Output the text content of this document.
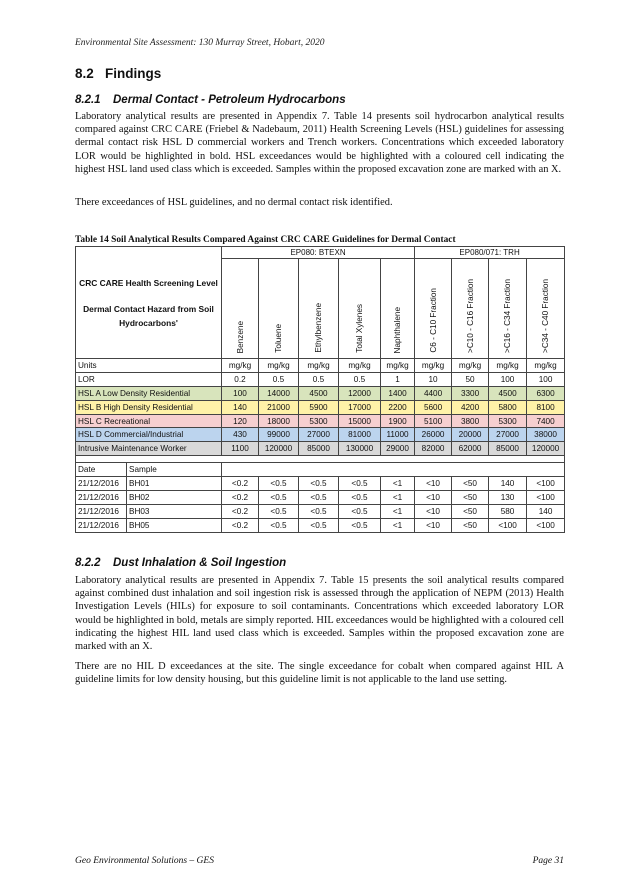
Environmental Site Assessment: 130 Murray Street, Hobart, 2020
8.2 Findings
8.2.1 Dermal Contact - Petroleum Hydrocarbons

Laboratory analytical results are presented in Appendix 7. Table 14 presents soil hydrocarbon analytical results compared against CRC CARE (Friebel & Nadebaum, 2011) Health Screening Levels (HSL) guidelines for assessing dermal contact risk HSL D commercial workers and Trench workers. Concentrations which exceeded laboratory LOR would be highlighted in bold. HSL exceedances would be highlighted with a coloured cell indicating the highest HSL land used class which is exceeded. Samples within the proposed excavation zone are marked with an X.

There exceedances of HSL guidelines, and no dermal contact risk identified.

Table 14 Soil Analytical Results Compared Against CRC CARE Guidelines for Dermal Contact
CRC CARE Health Screening Level
Dermal Contact Hazard from Soil Hydrocarbons'		EP080: BTEXN					EP080/071: TRH			
		Benzene	Toluene	Ethylbenzene	Total Xylenes	Naphthalene	C6 - C10 Fraction	>C10 - C16 Fraction	>C16 - C34 Fraction	>C34 - C40 Fraction
Units		mg/kg	mg/kg	mg/kg	mg/kg	mg/kg	mg/kg	mg/kg	mg/kg	mg/kg
LOR		0.2	0.5	0.5	0.5	1	10	50	100	100
HSL A Low Density Residential		100	14000	4500	12000	1400	4400	3300	4500	6300
HSL B High Density Residential		140	21000	5900	17000	2200	5600	4200	5800	8100
HSL C Recreational		120	18000	5300	15000	1900	5100	3800	5300	7400
HSL D Commercial/Industrial		430	99000	27000	81000	11000	26000	20000	27000	38000
Intrusive Maintenance Worker		1100	120000	85000	130000	29000	82000	62000	85000	120000

Date	Sample									
21/12/2016	BH01	<0.2	<0.5	<0.5	<0.5	<1	<10	<50	140	<100
21/12/2016	BH02	<0.2	<0.5	<0.5	<0.5	<1	<10	<50	130	<100
21/12/2016	BH03	<0.2	<0.5	<0.5	<0.5	<1	<10	<50	580	140
21/12/2016	BH05	<0.2	<0.5	<0.5	<0.5	<1	<10	<50	<100	<100
8.2.2 Dust Inhalation & Soil Ingestion

Laboratory analytical results are presented in Appendix 7. Table 15 presents the soil analytical results compared against combined dust inhalation and soil ingestion risk is assessed through the application of NEPM (2013) Health Investigation Levels (HILs) for exposure to soil contaminants. Concentrations which exceeded laboratory LOR would be highlighted in bold, metals are simply reported. HIL exceedances would be highlighted with a coloured cell indicating the highest HIL land used class which is exceeded. Samples within the proposed excavation zone are marked with an X.

There are no HIL D exceedances at the site. The single exceedance for cobalt when compared against HIL A guideline limits for low density housing, but this guideline limit is not applicable to the land use setting.

Geo Environmental Solutions – GES	Page 31
